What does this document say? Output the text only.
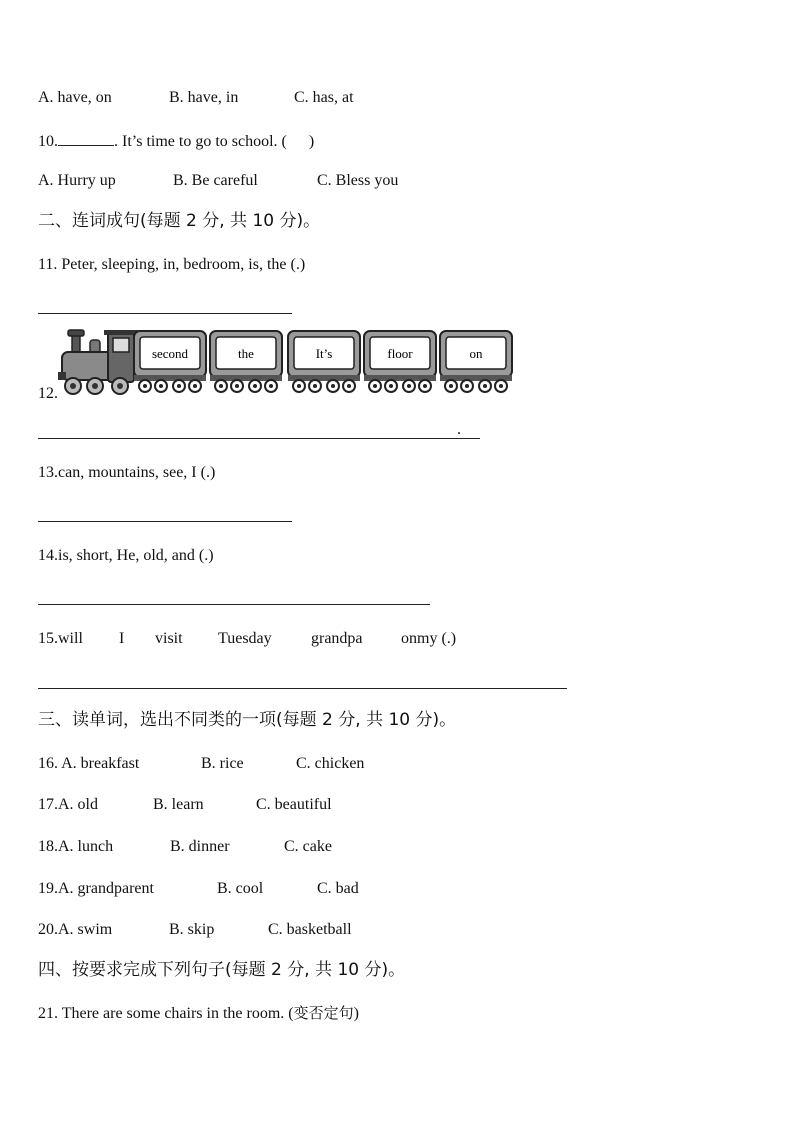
A. have, on	B. have, in	C. has, at
10.	. It’s time to go to school. ( )
A. Hurry up	B. Be careful	C. Bless you
二、连词成句(每题 2 分, 共 10 分)。
11. Peter, sleeping, in, bedroom, is, the (.)
12.
second	the	It’s	floor	on
.
13.can, mountains, see, I (.)
14.is, short, He, old, and (.)
15.will I visit Tuesday grandpa onmy (.)
三、读单词，选出不同类的一项(每题 2 分, 共 10 分)。
16. A. breakfast	B. rice	C. chicken
17.A. old	B. learn	C. beautiful
18.A. lunch	B. dinner	C. cake
19.A. grandparent	B. cool	C. bad
20.A. swim	B. skip	C. basketball
四、按要求完成下列句子(每题 2 分, 共 10 分)。
21. There are some chairs in the room. (变否定句)
